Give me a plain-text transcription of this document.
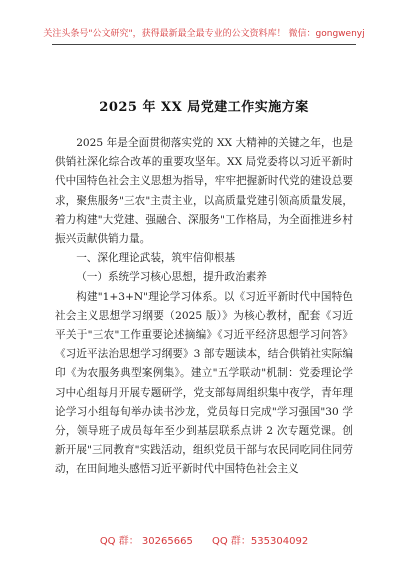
关注头条号"公文研究"，获得最新最全最专业的公文资料库！ 微信：gongwenyj
2025 年 XX 局党建工作实施方案

2025 年是全面贯彻落实党的 XX 大精神的关键之年，也是供销社深化综合改革的重要攻坚年。XX 局党委将以习近平新时代中国特色社会主义思想为指导，牢牢把握新时代党的建设总要求，聚焦服务"三农"主责主业，以高质量党建引领高质量发展，着力构建"大党建、强融合、深服务"工作格局，为全面推进乡村振兴贡献供销力量。

一、深化理论武装，筑牢信仰根基

（一）系统学习核心思想，提升政治素养

构建"1+3+N"理论学习体系。以《习近平新时代中国特色社会主义思想学习纲要（2025 版）》为核心教材，配套《习近平关于"三农"工作重要论述摘编》《习近平经济思想学习问答》《习近平法治思想学习纲要》3 部专题读本，结合供销社实际编印《为农服务典型案例集》。建立"五学联动"机制：党委理论学习中心组每月开展专题研学，党支部每周组织集中夜学，青年理论学习小组每旬举办读书沙龙，党员每日完成"学习强国"30 学分，领导班子成员每年至少到基层联系点讲 2 次专题党课。创新开展"三同教育"实践活动，组织党员干部与农民同吃同住同劳动，在田间地头感悟习近平新时代中国特色社会主义

QQ 群： 30265665 QQ 群：535304092
